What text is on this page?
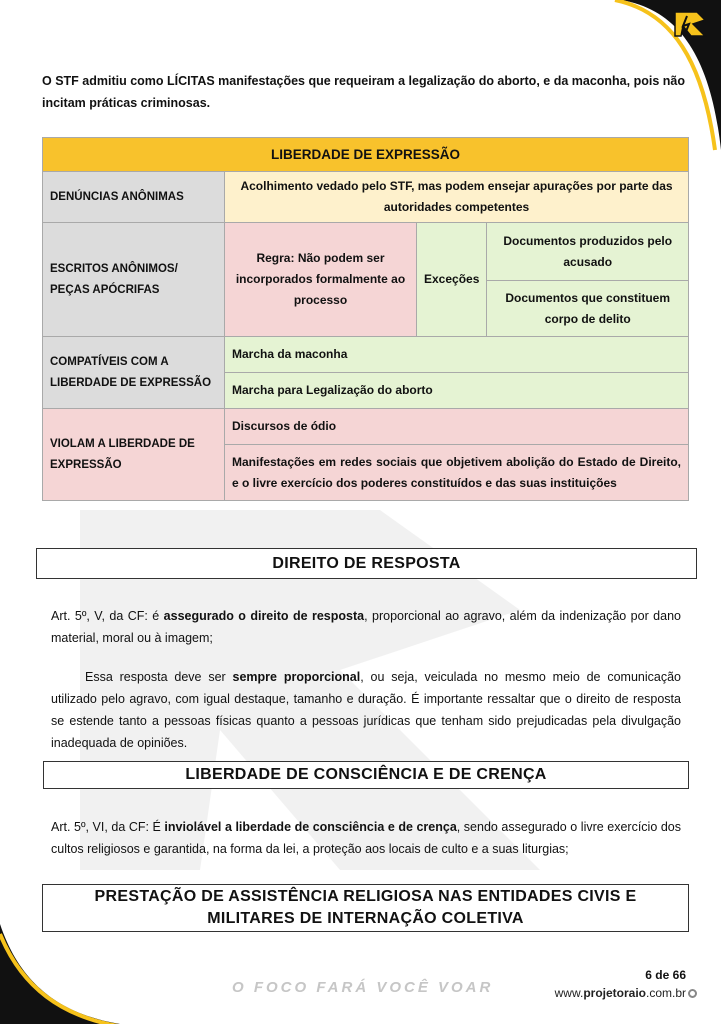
O STF admitiu como LÍCITAS manifestações que requeiram a legalização do aborto, e da maconha, pois não incitam práticas criminosas.

LIBERDADE DE EXPRESSÃO			
DENÚNCIAS ANÔNIMAS	Acolhimento vedado pelo STF, mas podem ensejar apurações por parte das autoridades competentes		
ESCRITOS ANÔNIMOS/ PEÇAS APÓCRIFAS	Regra: Não podem ser incorporados formalmente ao processo	Exceções	Documentos produzidos pelo acusado
			Documentos que constituem corpo de delito
COMPATÍVEIS COM A LIBERDADE DE EXPRESSÃO	Marcha da maconha		
	Marcha para Legalização do aborto		
VIOLAM A LIBERDADE DE EXPRESSÃO	Discursos de ódio		
	Manifestações em redes sociais que objetivem abolição do Estado de Direito, e o livre exercício dos poderes constituídos e das suas instituições		
DIREITO DE RESPOSTA

Art. 5º, V, da CF: é assegurado o direito de resposta, proporcional ao agravo, além da indenização por dano material, moral ou à imagem;

Essa resposta deve ser sempre proporcional, ou seja, veiculada no mesmo meio de comunicação utilizado pelo agravo, com igual destaque, tamanho e duração. É importante ressaltar que o direito de resposta se estende tanto a pessoas físicas quanto a pessoas jurídicas que tenham sido prejudicadas pela divulgação inadequada de opiniões.

LIBERDADE DE CONSCIÊNCIA E DE CRENÇA

Art. 5º, VI, da CF: É inviolável a liberdade de consciência e de crença, sendo assegurado o livre exercício dos cultos religiosos e garantida, na forma da lei, a proteção aos locais de culto e a suas liturgias;

PRESTAÇÃO DE ASSISTÊNCIA RELIGIOSA NAS ENTIDADES CIVIS E
MILITARES DE INTERNAÇÃO COLETIVA
O FOCO FARÁ VOCÊ VOAR
6 de 66
www.projetoraio.com.br
